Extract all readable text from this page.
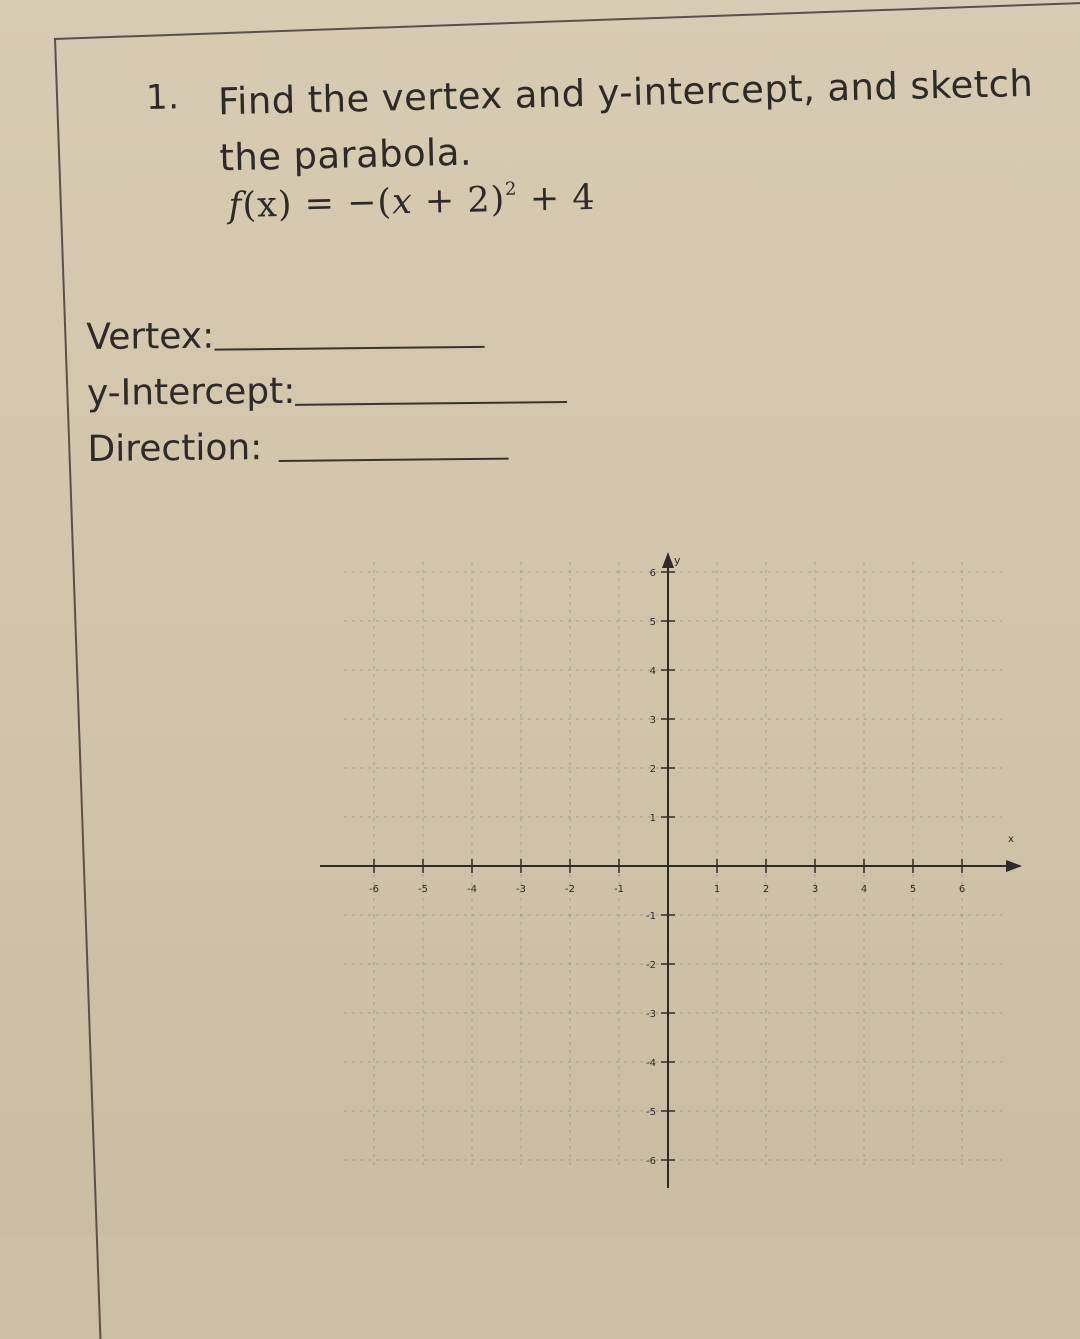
1. Find the vertex and y-intercept, and sketch
the parabola.
$f(x) = -(x + 2)^2 + 4$
Vertex:
y-Intercept:
Direction:
x
y
-6	-5	-4	-3	-2	-1	1	2	3	4	5	6
6
5
4
3
2
1
-1
-2
-3
-4
-5
-6
